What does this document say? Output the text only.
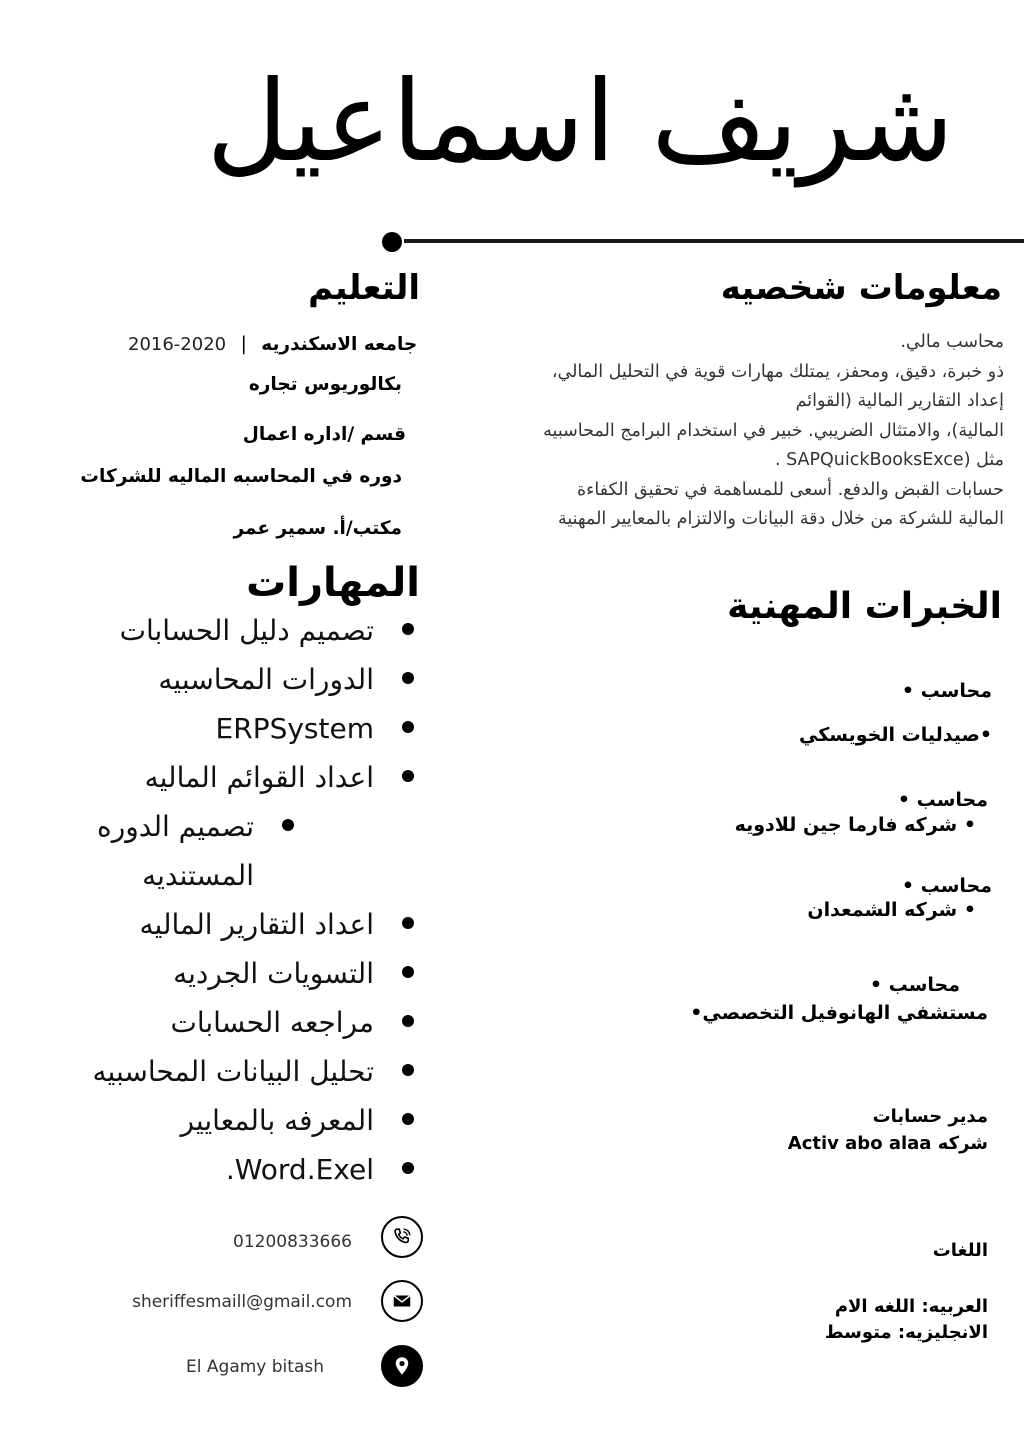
شريف اسماعيل
معلومات شخصيه
محاسب مالي.
ذو خبرة، دقيق، ومحفز، يمتلك مهارات قوية في التحليل المالي،
إعداد التقارير المالية (القوائم
المالية)، والامتثال الضريبي. خبير في استخدام البرامج المحاسبيه
مثل (SAPQuickBooksExce .
حسابات القبض والدفع. أسعى للمساهمة في تحقيق الكفاءة
المالية للشركة من خلال دقة البيانات والالتزام بالمعايير المهنية
الخبرات المهنية
محاسب •
•صيدليات الخويسكي
محاسب •
• شركه فارما جين للادويه
محاسب •
• شركه الشمعدان
محاسب •
مستشفي الهانوفيل التخصصي•
مدير حسابات
شركه Activ abo alaa
اللغات
العربيه: اللغه الام
الانجليزيه: متوسط
التعليم
2016-2020 | جامعه الاسكندريه
بكالوريوس تجاره
قسم /اداره اعمال
دوره في المحاسبه الماليه للشركات
مكتب/أ. سمير عمر
المهارات
تصميم دليل الحسابات
الدورات المحاسبيه
ERPSystem
اعداد القوائم الماليه
تصميم الدوره المستنديه
اعداد التقارير الماليه
التسويات الجرديه
مراجعه الحسابات
تحليل البيانات المحاسبيه
المعرفه بالمعايير
Word.Exel.
01200833666
sheriffesmaill@gmail.com
El Agamy bitash
